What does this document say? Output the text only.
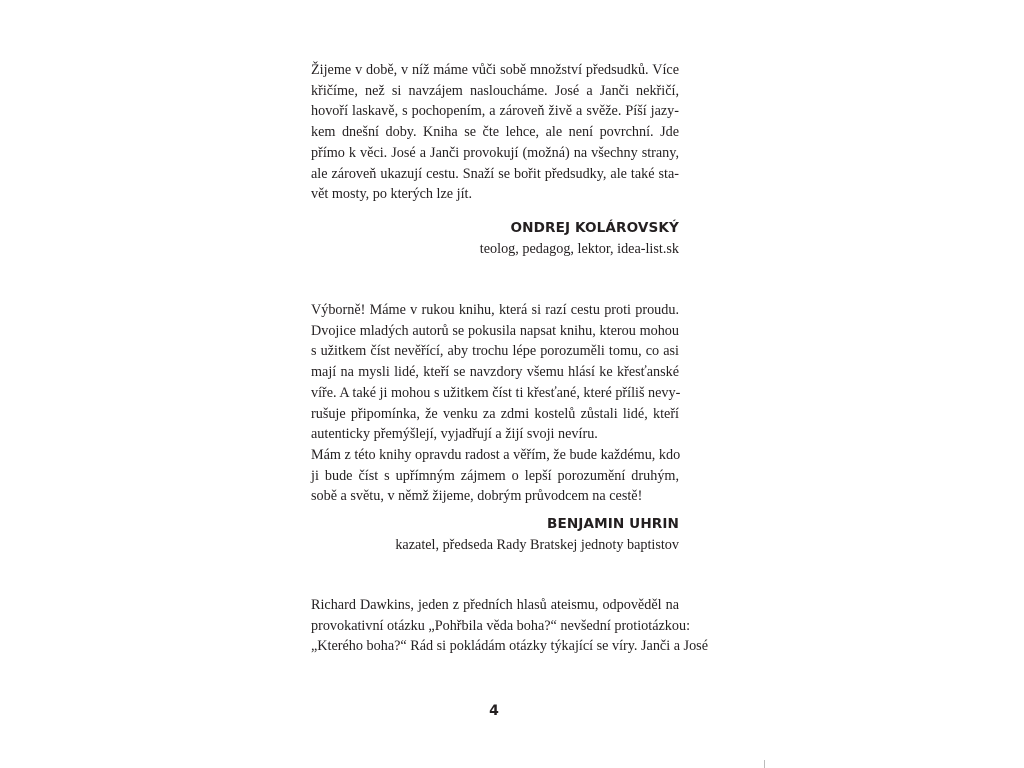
Žijeme v době, v níž máme vůči sobě množství předsudků. Více
křičíme, než si navzájem nasloucháme. José a Janči nekřičí,
hovoří laskavě, s pochopením, a zároveň živě a svěže. Píší jazy-
kem dnešní doby. Kniha se čte lehce, ale není povrchní. Jde
přímo k věci. José a Janči provokují (možná) na všechny strany,
ale zároveň ukazují cestu. Snaží se bořit předsudky, ale také sta-
vět mosty, po kterých lze jít.
ONDREJ KOLÁROVSKÝ
teolog, pedagog, lektor, idea-list.sk
Výborně! Máme v rukou knihu, která si razí cestu proti proudu.
Dvojice mladých autorů se pokusila napsat knihu, kterou mohou
s užitkem číst nevěřící, aby trochu lépe porozuměli tomu, co asi
mají na mysli lidé, kteří se navzdory všemu hlásí ke křesťanské
víře. A také ji mohou s užitkem číst ti křesťané, které příliš nevy-
rušuje připomínka, že venku za zdmi kostelů zůstali lidé, kteří
autenticky přemýšlejí, vyjadřují a žijí svoji nevíru.
Mám z této knihy opravdu radost a věřím, že bude každému, kdo
ji bude číst s upřímným zájmem o lepší porozumění druhým,
sobě a světu, v němž žijeme, dobrým průvodcem na cestě!
BENJAMIN UHRIN
kazatel, předseda Rady Bratskej jednoty baptistov
Richard Dawkins, jeden z předních hlasů ateismu, odpověděl na
provokativní otázku „Pohřbila věda boha?“ nevšední protiotázkou:
„Kterého boha?“ Rád si pokládám otázky týkající se víry. Janči a José
4
